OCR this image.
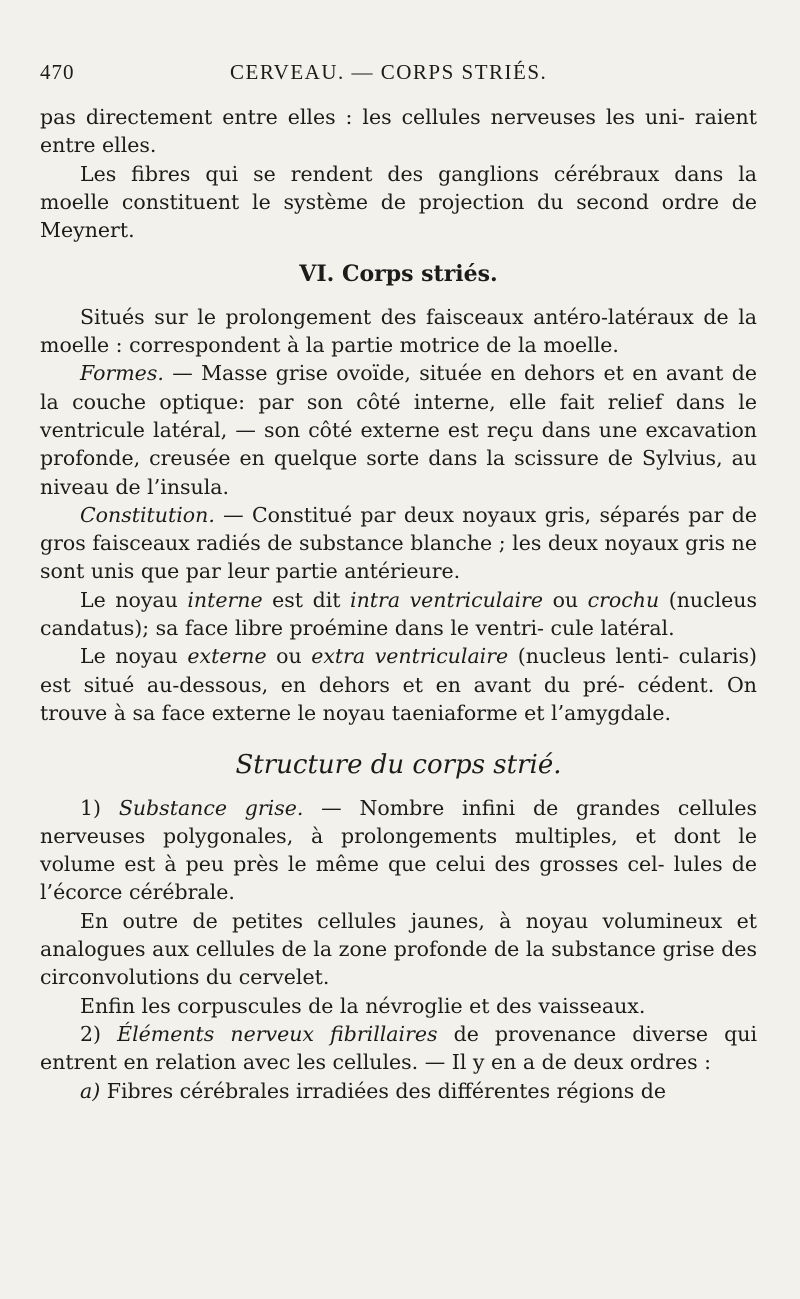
470	CERVEAU. — CORPS STRIÉS.

pas directement entre elles : les cellules nerveuses les uni- raient entre elles.

Les fibres qui se rendent des ganglions cérébraux dans la moelle constituent le système de projection du second ordre de Meynert.

VI. Corps striés.

Situés sur le prolongement des faisceaux antéro-latéraux de la moelle : correspondent à la partie motrice de la moelle.

Formes. — Masse grise ovoïde, située en dehors et en avant de la couche optique: par son côté interne, elle fait relief dans le ventricule latéral, — son côté externe est reçu dans une excavation profonde, creusée en quelque sorte dans la scissure de Sylvius, au niveau de l’insula.

Constitution. — Constitué par deux noyaux gris, séparés par de gros faisceaux radiés de substance blanche ; les deux noyaux gris ne sont unis que par leur partie antérieure.

Le noyau interne est dit intra ventriculaire ou crochu (nucleus candatus); sa face libre proémine dans le ventri- cule latéral.

Le noyau externe ou extra ventriculaire (nucleus lenti- cularis) est situé au-dessous, en dehors et en avant du pré- cédent. On trouve à sa face externe le noyau taeniaforme et l’amygdale.

Structure du corps strié.

1) Substance grise. — Nombre infini de grandes cellules nerveuses polygonales, à prolongements multiples, et dont le volume est à peu près le même que celui des grosses cel- lules de l’écorce cérébrale.

En outre de petites cellules jaunes, à noyau volumineux et analogues aux cellules de la zone profonde de la substance grise des circonvolutions du cervelet.

Enfin les corpuscules de la névroglie et des vaisseaux.

2) Éléments nerveux fibrillaires de provenance diverse qui entrent en relation avec les cellules. — Il y en a de deux ordres :

a) Fibres cérébrales irradiées des différentes régions de
